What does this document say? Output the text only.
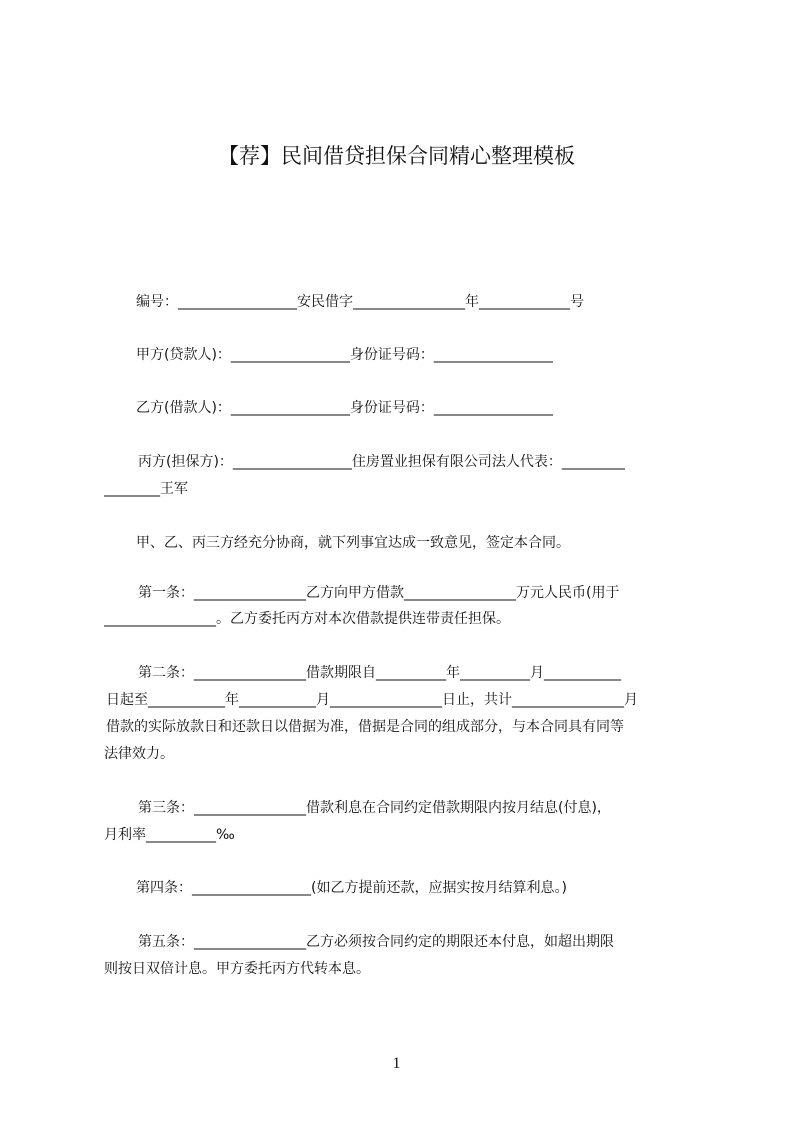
【荐】民间借贷担保合同精心整理模板
编号：_________________安民借字________________年_____________号
甲方(贷款人)：_________________身份证号码：_________________
乙方(借款人)：_________________身份证号码：_________________
丙方(担保方)：_________________住房置业担保有限公司法人代表：_________
________王军
甲、乙、丙三方经充分协商，就下列事宜达成一致意见，签定本合同。
第一条：________________乙方向甲方借款________________万元人民币(用于
________________。乙方委托丙方对本次借款提供连带责任担保。
第二条：________________借款期限自__________年__________月___________
日起至___________年___________月________________日止，共计________________月
借款的实际放款日和还款日以借据为准，借据是合同的组成部分，与本合同具有同等
法律效力。
第三条：________________借款利息在合同约定借款期限内按月结息(付息)，
月利率__________‰
第四条：_________________(如乙方提前还款，应据实按月结算利息。)
第五条：________________乙方必须按合同约定的期限还本付息，如超出期限
则按日双倍计息。甲方委托丙方代转本息。
1
